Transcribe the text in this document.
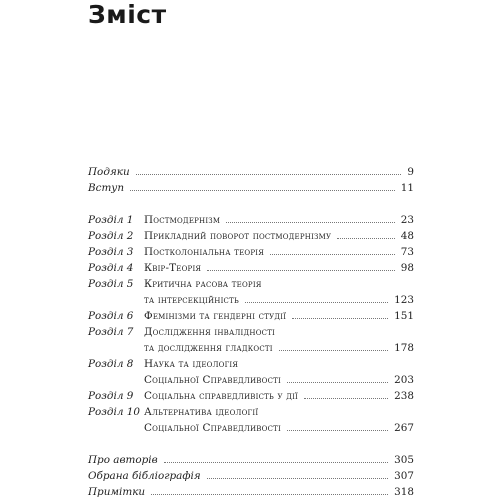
Зміст
Подяки	9
Вступ	11
Розділ 1 Постмодернізм	23
Розділ 2 Прикладний поворот постмодернізму	48
Розділ 3 Постколоніальна теорія	73
Розділ 4 Квір-Теорія	98
Розділ 5 Критична расова теорія
та інтерсекційність	123
Розділ 6 Фемінізми та гендерні студії	151
Розділ 7 Дослідження інвалідності
та дослідження гладкості	178
Розділ 8 Наука та ідеологія
Соціальної Справедливості	203
Розділ 9 Соціальна справедливість у дії	238
Розділ 10 Альтернатива ідеології
Соціальної Справедливості	267
Про авторів	305
Обрана бібліографія	307
Примітки	318
